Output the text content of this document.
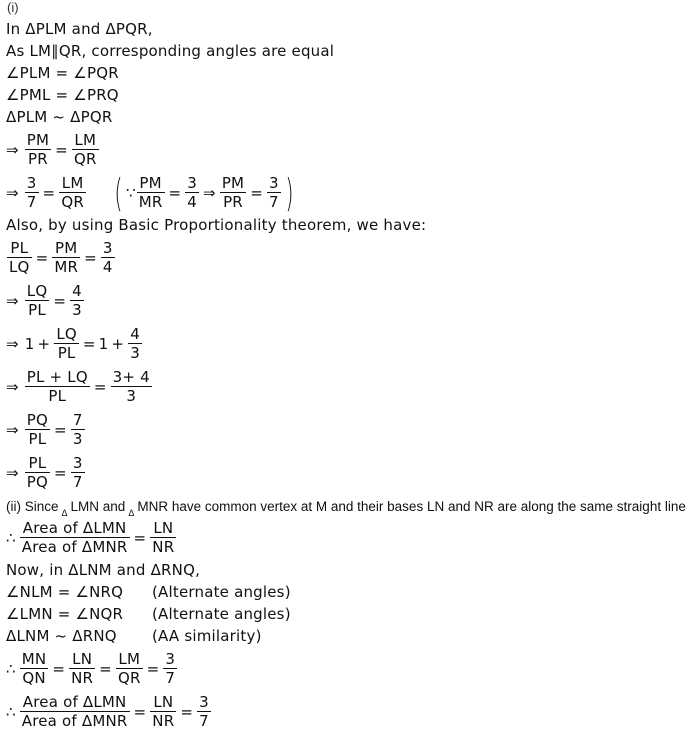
(i)
In ΔPLM and ΔPQR,
As LM∥QR, corresponding angles are equal
∠PLM = ∠PQR
∠PML = ∠PRQ
ΔPLM ~ ΔPQR
⇒ $\frac{PM}{PR} = \frac{LM}{QR}$
⇒ $\frac{3}{7} = \frac{LM}{QR}$ ( ∵ $\frac{PM}{MR} = \frac{3}{4}$ ⇒ $\frac{PM}{PR} = \frac{3}{7}$ )
Also, by using Basic Proportionality theorem, we have:
$\frac{PL}{LQ} = \frac{PM}{MR} = \frac{3}{4}$
⇒ $\frac{LQ}{PL} = \frac{4}{3}$
⇒ $1 + \frac{LQ}{PL} = 1 + \frac{4}{3}$
⇒ $\frac{PL + LQ}{PL} = \frac{3+ 4}{3}$
⇒ $\frac{PQ}{PL} = \frac{7}{3}$
⇒ $\frac{PL}{PQ} = \frac{3}{7}$
(ii) Since $_\Delta$ LMN and $_\Delta$ MNR have common vertex at M and their bases LN and NR are along the same straight line
∴ $\frac{\text{Area of ΔLMN}}{\text{Area of ΔMNR}} = \frac{LN}{NR}$
Now, in ΔLNM and ΔRNQ,
∠NLM = ∠NRQ (Alternate angles)
∠LMN = ∠NQR (Alternate angles)
ΔLNM ~ ΔRNQ (AA similarity)
∴ $\frac{MN}{QN} = \frac{LN}{NR} = \frac{LM}{QR} = \frac{3}{7}$
∴ $\frac{\text{Area of ΔLMN}}{\text{Area of ΔMNR}} = \frac{LN}{NR} = \frac{3}{7}$
